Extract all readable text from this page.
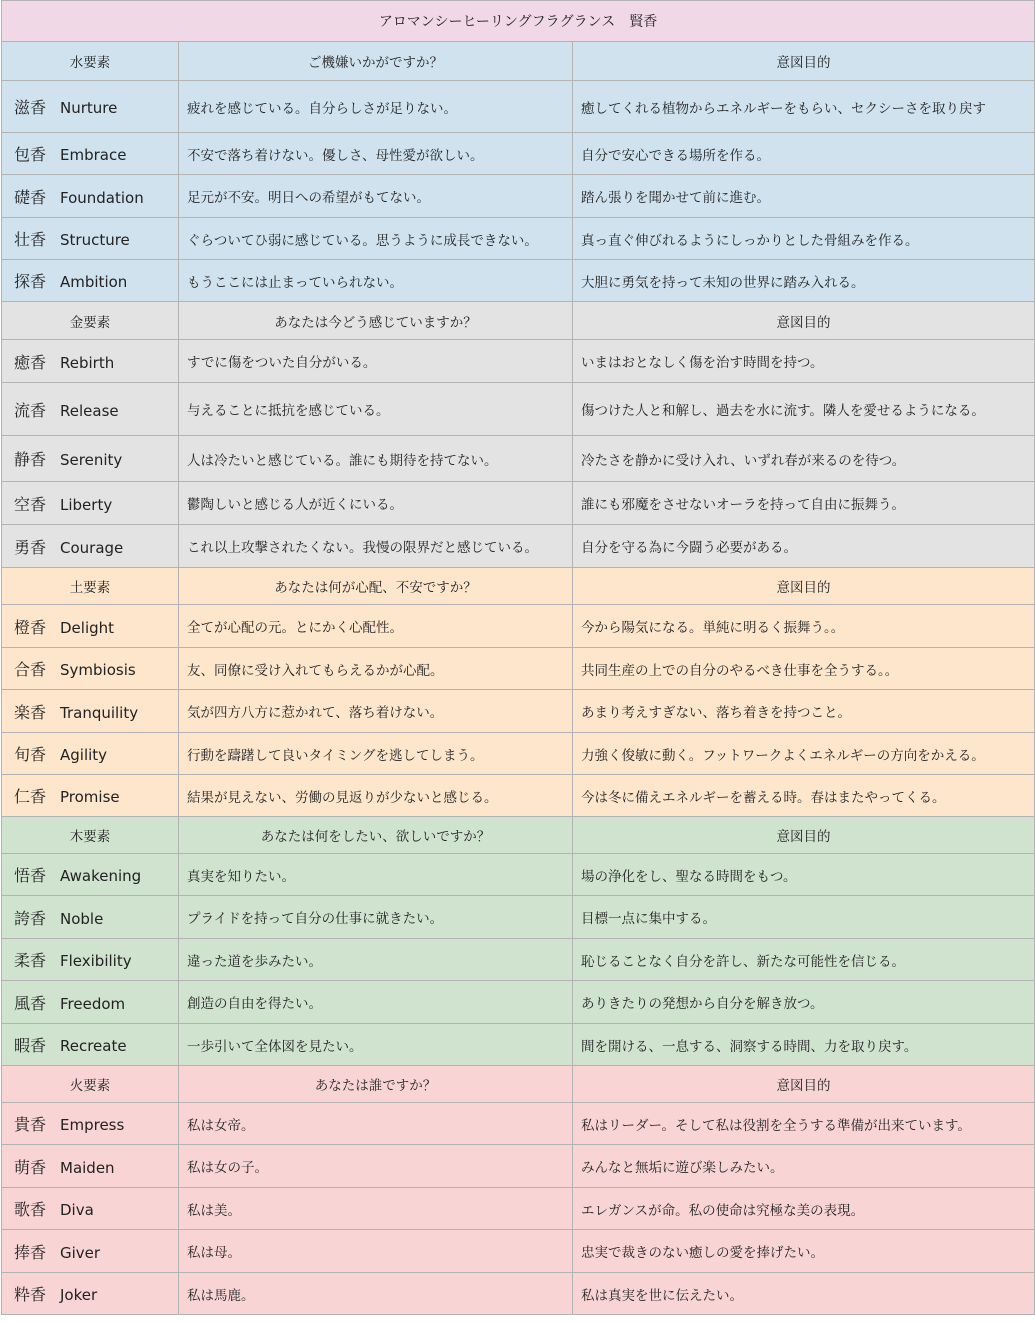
アロマンシーヒーリングフラグランス　賢香		
水要素	ご機嫌いかがですか？	意図目的
滋香 Nurture	疲れを感じている。自分らしさが足りない。	癒してくれる植物からエネルギーをもらい、セクシーさを取り戻す
包香 Embrace	不安で落ち着けない。優しさ、母性愛が欲しい。	自分で安心できる場所を作る。
礎香 Foundation	足元が不安。明日への希望がもてない。	踏ん張りを聞かせて前に進む。
壮香 Structure	ぐらついてひ弱に感じている。思うように成長できない。	真っ直ぐ伸びれるようにしっかりとした骨組みを作る。
探香 Ambition	もうここには止まっていられない。	大胆に勇気を持って未知の世界に踏み入れる。
金要素	あなたは今どう感じていますか？	意図目的
癒香 Rebirth	すでに傷をついた自分がいる。	いまはおとなしく傷を治す時間を持つ。
流香 Release	与えることに抵抗を感じている。	傷つけた人と和解し、過去を水に流す。隣人を愛せるようになる。
静香 Serenity	人は冷たいと感じている。誰にも期待を持てない。	冷たさを静かに受け入れ、いずれ春が来るのを待つ。
空香 Liberty	鬱陶しいと感じる人が近くにいる。	誰にも邪魔をさせないオーラを持って自由に振舞う。
勇香 Courage	これ以上攻撃されたくない。我慢の限界だと感じている。	自分を守る為に今闘う必要がある。
土要素	あなたは何が心配、不安ですか？	意図目的
橙香 Delight	全てが心配の元。とにかく心配性。	今から陽気になる。単純に明るく振舞う。。
合香 Symbiosis	友、同僚に受け入れてもらえるかが心配。	共同生産の上での自分のやるべき仕事を全うする。。
楽香 Tranquility	気が四方八方に惹かれて、落ち着けない。	あまり考えすぎない、落ち着きを持つこと。
旬香 Agility	行動を躊躇して良いタイミングを逃してしまう。	力強く俊敏に動く。フットワークよくエネルギーの方向をかえる。
仁香 Promise	結果が見えない、労働の見返りが少ないと感じる。	今は冬に備えエネルギーを蓄える時。春はまたやってくる。
木要素	あなたは何をしたい、欲しいですか？	意図目的
悟香 Awakening	真実を知りたい。	場の浄化をし、聖なる時間をもつ。
誇香 Noble	プライドを持って自分の仕事に就きたい。	目標一点に集中する。
柔香 Flexibility	違った道を歩みたい。	恥じることなく自分を許し、新たな可能性を信じる。
風香 Freedom	創造の自由を得たい。	ありきたりの発想から自分を解き放つ。
暇香 Recreate	一歩引いて全体図を見たい。	間を開ける、一息する、洞察する時間、力を取り戻す。
火要素	あなたは誰ですか？	意図目的
貴香 Empress	私は女帝。	私はリーダー。そして私は役割を全うする準備が出来ています。
萌香 Maiden	私は女の子。	みんなと無垢に遊び楽しみたい。
歌香 Diva	私は美。	エレガンスが命。私の使命は究極な美の表現。
捧香 Giver	私は母。	忠実で裁きのない癒しの愛を捧げたい。
粋香 Joker	私は馬鹿。	私は真実を世に伝えたい。
